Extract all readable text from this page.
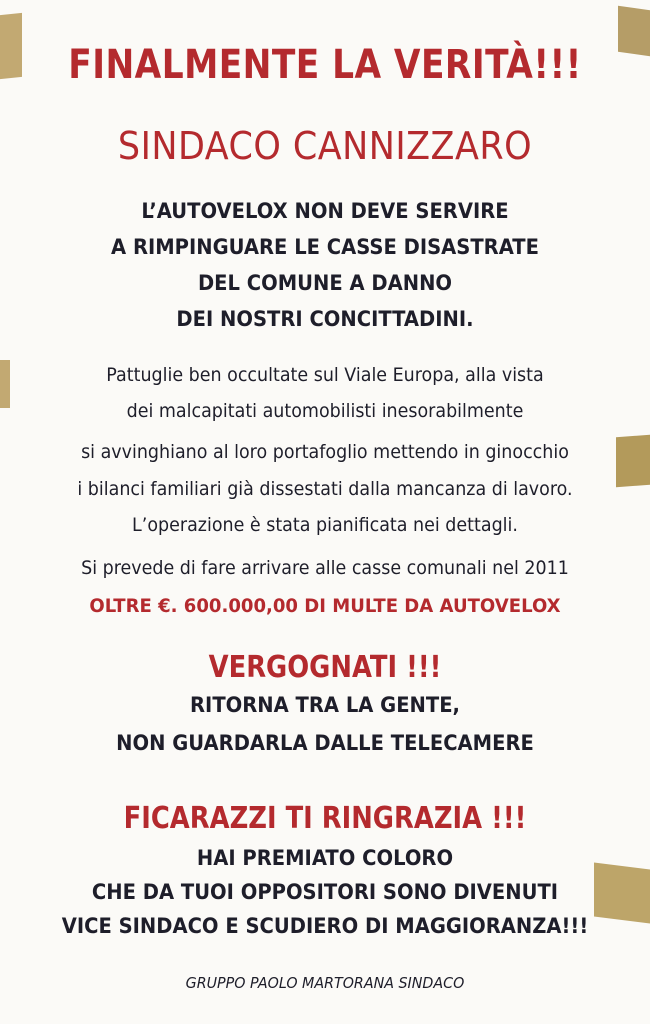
FINALMENTE LA VERITÀ!!!
SINDACO CANNIZZARO
L’AUTOVELOX NON DEVE SERVIRE
A RIMPINGUARE LE CASSE DISASTRATE
DEL COMUNE A DANNO
DEI NOSTRI CONCITTADINI.
Pattuglie ben occultate sul Viale Europa, alla vista
dei malcapitati automobilisti inesorabilmente
si avvinghiano al loro portafoglio mettendo in ginocchio
i bilanci familiari già dissestati dalla mancanza di lavoro.
L’operazione è stata pianificata nei dettagli.
Si prevede di fare arrivare alle casse comunali nel 2011
OLTRE €. 600.000,00 DI MULTE DA AUTOVELOX
VERGOGNATI !!!
RITORNA TRA LA GENTE,
NON GUARDARLA DALLE TELECAMERE
FICARAZZI TI RINGRAZIA !!!
HAI PREMIATO COLORO
CHE DA TUOI OPPOSITORI SONO DIVENUTI
VICE SINDACO E SCUDIERO DI MAGGIORANZA!!!
GRUPPO PAOLO MARTORANA SINDACO
